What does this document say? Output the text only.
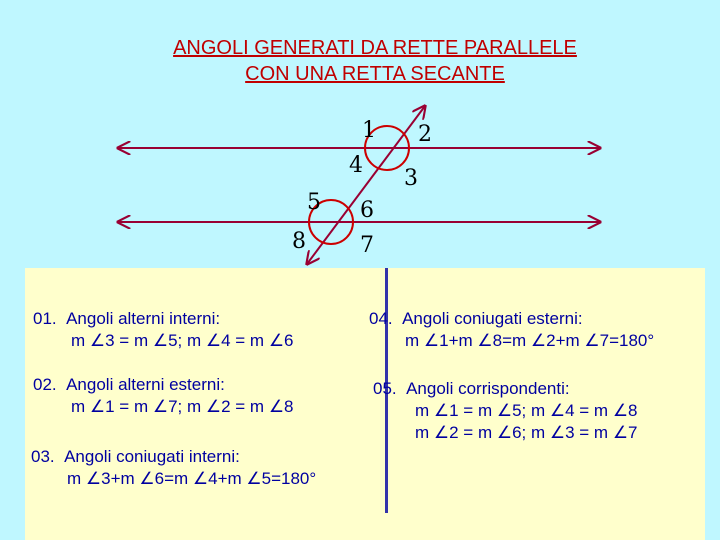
ANGOLI GENERATI DA RETTE PARALLELE
CON UNA RETTA SECANTE
1 2
3
4
5 6
7
8
01. Angoli alterni interni:
m ∠3 = m ∠5; m ∠4 = m ∠6
02. Angoli alterni esterni:
m ∠1 = m ∠7; m ∠2 = m ∠8
03. Angoli coniugati interni:
m ∠3+m ∠6=m ∠4+m ∠5=180°
04. Angoli coniugati esterni:
m ∠1+m ∠8=m ∠2+m ∠7=180°
05. Angoli corrispondenti:
m ∠1 = m ∠5; m ∠4 = m ∠8
m ∠2 = m ∠6; m ∠3 = m ∠7
